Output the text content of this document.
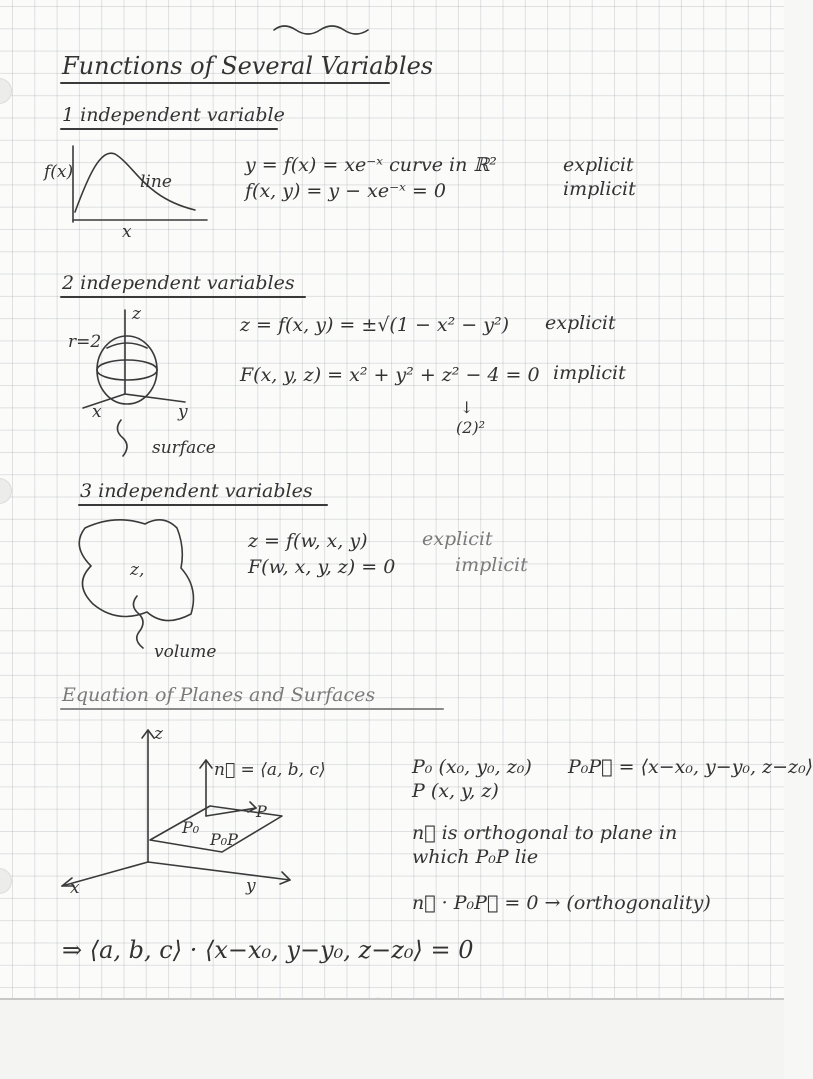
Functions of Several Variables
1 independent variable
f(x)	line
x
y = f(x) = xe⁻ˣ curve in ℝ²	explicit
f(x, y) = y − xe⁻ˣ = 0	implicit
2 independent variables
r=2
z
x	y
surface
z = f(x, y) = ±√(1 − x² − y²) explicit
F(x, y, z) = x² + y² + z² − 4 = 0 implicit
↓
(2)²
3 independent variables
z,
volume
z = f(w, x, y)	explicit
F(w, x, y, z) = 0	implicit
Equation of Planes and Surfaces
z
x	y
n⃗ = ⟨a, b, c⟩
P₀
P
P₀P
P₀ (x₀, y₀, z₀)
P (x, y, z)
P₀P⃗ = ⟨x−x₀, y−y₀, z−z₀⟩
n⃗ is orthogonal to plane in
which P₀P lie
n⃗ · P₀P⃗ = 0 → (orthogonality)
⇒ ⟨a, b, c⟩ · ⟨x−x₀, y−y₀, z−z₀⟩ = 0
